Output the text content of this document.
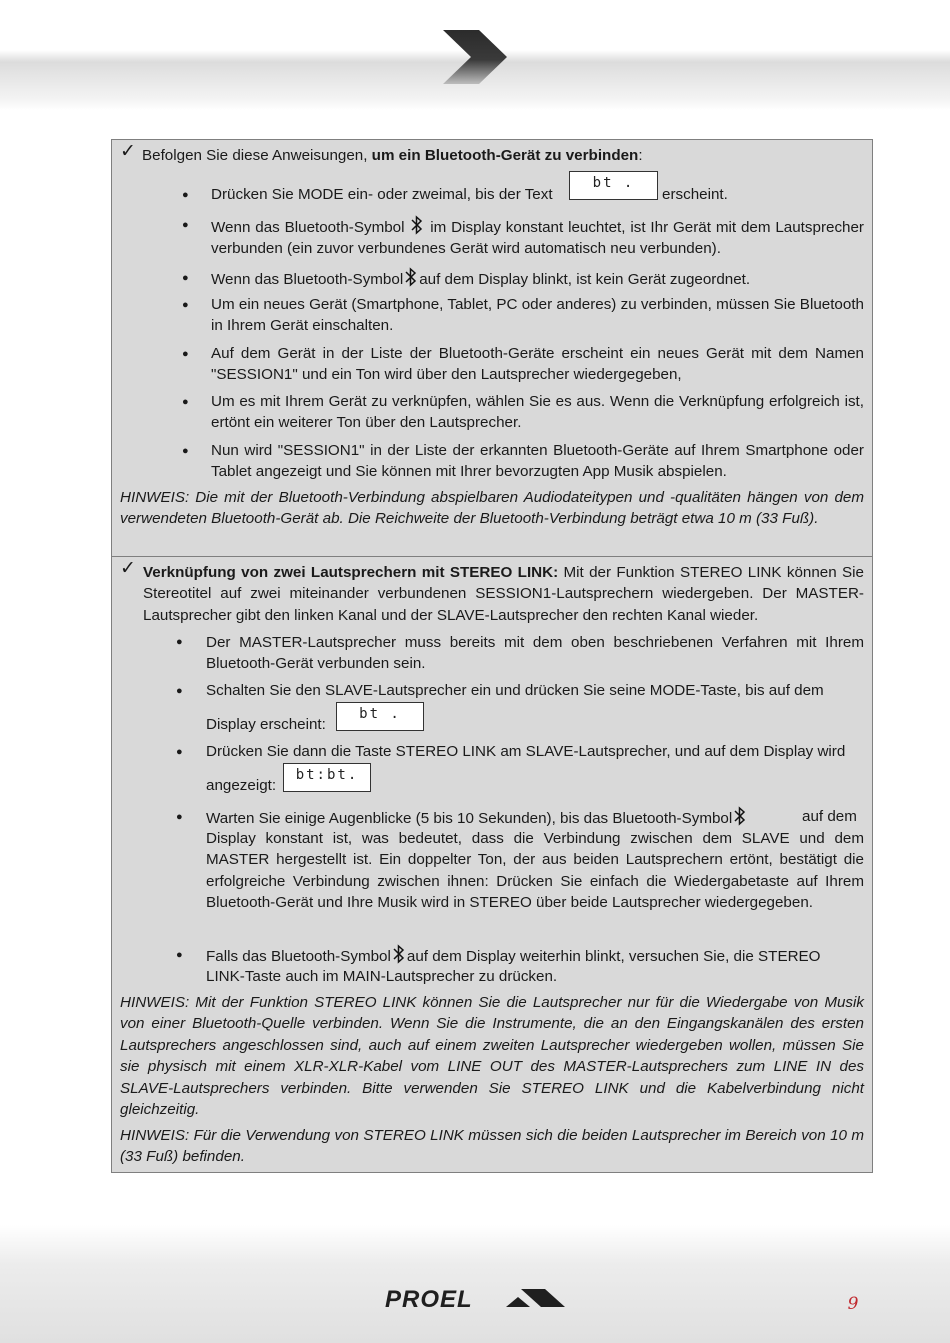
✓ Befolgen Sie diese Anweisungen, um ein Bluetooth-Gerät zu verbinden:
● Drücken Sie MODE ein- oder zweimal, bis der Text
bt .
erscheint.
● Wenn das Bluetooth-Symbol im Display konstant leuchtet, ist Ihr Gerät mit dem Lautsprecher verbunden (ein zuvor verbundenes Gerät wird automatisch neu verbunden).
● Wenn das Bluetooth-Symbol auf dem Display blinkt, ist kein Gerät zugeordnet.
● Um ein neues Gerät (Smartphone, Tablet, PC oder anderes) zu verbinden, müssen Sie Bluetooth in Ihrem Gerät einschalten.
● Auf dem Gerät in der Liste der Bluetooth-Geräte erscheint ein neues Gerät mit dem Namen "SESSION1" und ein Ton wird über den Lautsprecher wiedergegeben,
● Um es mit Ihrem Gerät zu verknüpfen, wählen Sie es aus. Wenn die Verknüpfung erfolgreich ist, ertönt ein weiterer Ton über den Lautsprecher.
● Nun wird "SESSION1" in der Liste der erkannten Bluetooth-Geräte auf Ihrem Smartphone oder Tablet angezeigt und Sie können mit Ihrer bevorzugten App Musik abspielen.
HINWEIS: Die mit der Bluetooth-Verbindung abspielbaren Audiodateitypen und -qualitäten hängen von dem verwendeten Bluetooth-Gerät ab. Die Reichweite der Bluetooth-Verbindung beträgt etwa 10 m (33 Fuß).
✓ Verknüpfung von zwei Lautsprechern mit STEREO LINK: Mit der Funktion STEREO LINK können Sie Stereotitel auf zwei miteinander verbundenen SESSION1-Lautsprechern wiedergeben. Der MASTER-Lautsprecher gibt den linken Kanal und der SLAVE-Lautsprecher den rechten Kanal wieder.
● Der MASTER-Lautsprecher muss bereits mit dem oben beschriebenen Verfahren mit Ihrem Bluetooth-Gerät verbunden sein.
● Schalten Sie den SLAVE-Lautsprecher ein und drücken Sie seine MODE-Taste, bis auf dem
Display erscheint:
bt .
● Drücken Sie dann die Taste STEREO LINK am SLAVE-Lautsprecher, und auf dem Display wird
angezeigt:
bt:bt.
● Warten Sie einige Augenblicke (5 bis 10 Sekunden), bis das Bluetooth-Symbol	auf dem
Display konstant ist, was bedeutet, dass die Verbindung zwischen dem SLAVE und dem MASTER hergestellt ist. Ein doppelter Ton, der aus beiden Lautsprechern ertönt, bestätigt die erfolgreiche Verbindung zwischen ihnen: Drücken Sie einfach die Wiedergabetaste auf Ihrem Bluetooth-Gerät und Ihre Musik wird in STEREO über beide Lautsprecher wiedergegeben.
● Falls das Bluetooth-Symbol auf dem Display weiterhin blinkt, versuchen Sie, die STEREO
LINK-Taste auch im MAIN-Lautsprecher zu drücken.
HINWEIS: Mit der Funktion STEREO LINK können Sie die Lautsprecher nur für die Wiedergabe von Musik von einer Bluetooth-Quelle verbinden. Wenn Sie die Instrumente, die an den Eingangskanälen des ersten Lautsprechers angeschlossen sind, auch auf einem zweiten Lautsprecher wiedergeben wollen, müssen Sie sie physisch mit einem XLR-XLR-Kabel vom LINE OUT des MASTER-Lautsprechers zum LINE IN des SLAVE-Lautsprechers verbinden. Bitte verwenden Sie STEREO LINK und die Kabelverbindung nicht gleichzeitig.
HINWEIS: Für die Verwendung von STEREO LINK müssen sich die beiden Lautsprecher im Bereich von 10 m (33 Fuß) befinden.
PROEL	9
